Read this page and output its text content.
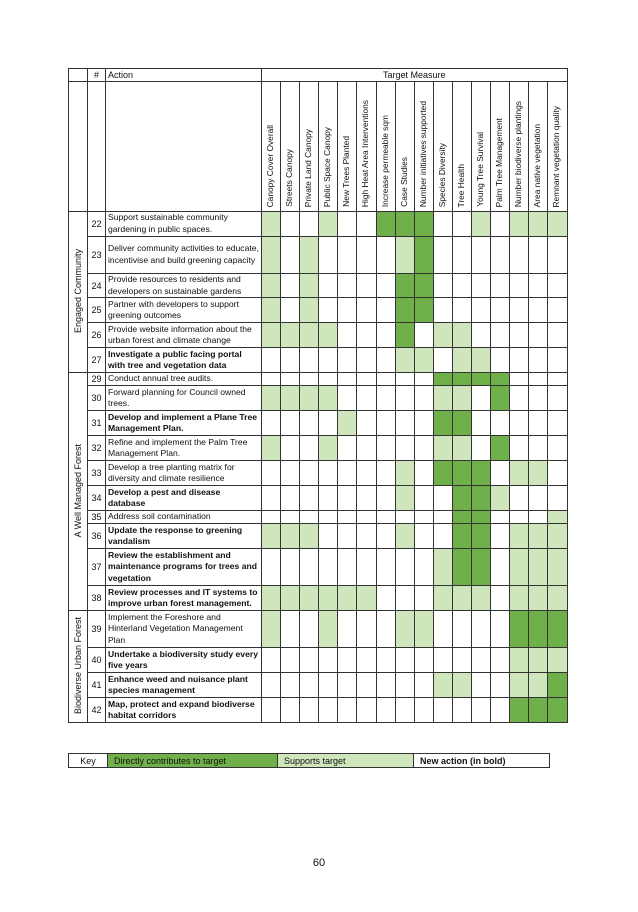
	#	Action	Target Measure															
			Canopy Cover Overall	Streets Canopy	Private Land Canopy	Public Space Canopy	New Trees Planted	High Heat Area Interventions	Increase permeable sqm	Case Studies	Number initiatives supported	Species Diversity	Tree Health	Young Tree Survival	Palm Tree Management	Number biodiverse plantings	Area native vegetation	Remnant vegetation quality
Engaged Community	22	Support sustainable community gardening in public spaces.																
	23	Deliver community activities to educate, incentivise and build greening capacity																
	24	Provide resources to residents and developers on sustainable gardens																
	25	Partner with developers to support greening outcomes																
	26	Provide website information about the urban forest and climate change																
	27	Investigate a public facing portal with tree and vegetation data																
A Well Managed Forest	29	Conduct annual tree audits.																
	30	Forward planning for Council owned trees.																
	31	Develop and implement a Plane Tree Management Plan.																
	32	Refine and implement the Palm Tree Management Plan.																
	33	Develop a tree planting matrix for diversity and climate resilience																
	34	Develop a pest and disease database																
	35	Address soil contamination																
	36	Update the response to greening vandalism																
	37	Review the establishment and maintenance programs for trees and vegetation																
	38	Review processes and IT systems to improve urban forest management.																
Biodiverse Urban Forest	39	Implement the Foreshore and Hinterland Vegetation Management Plan																
	40	Undertake a biodiversity study every five years																
	41	Enhance weed and nuisance plant species management																
	42	Map, protect and expand biodiverse habitat corridors																
Key	Directly contributes to target	Supports target	New action (in bold)
60
